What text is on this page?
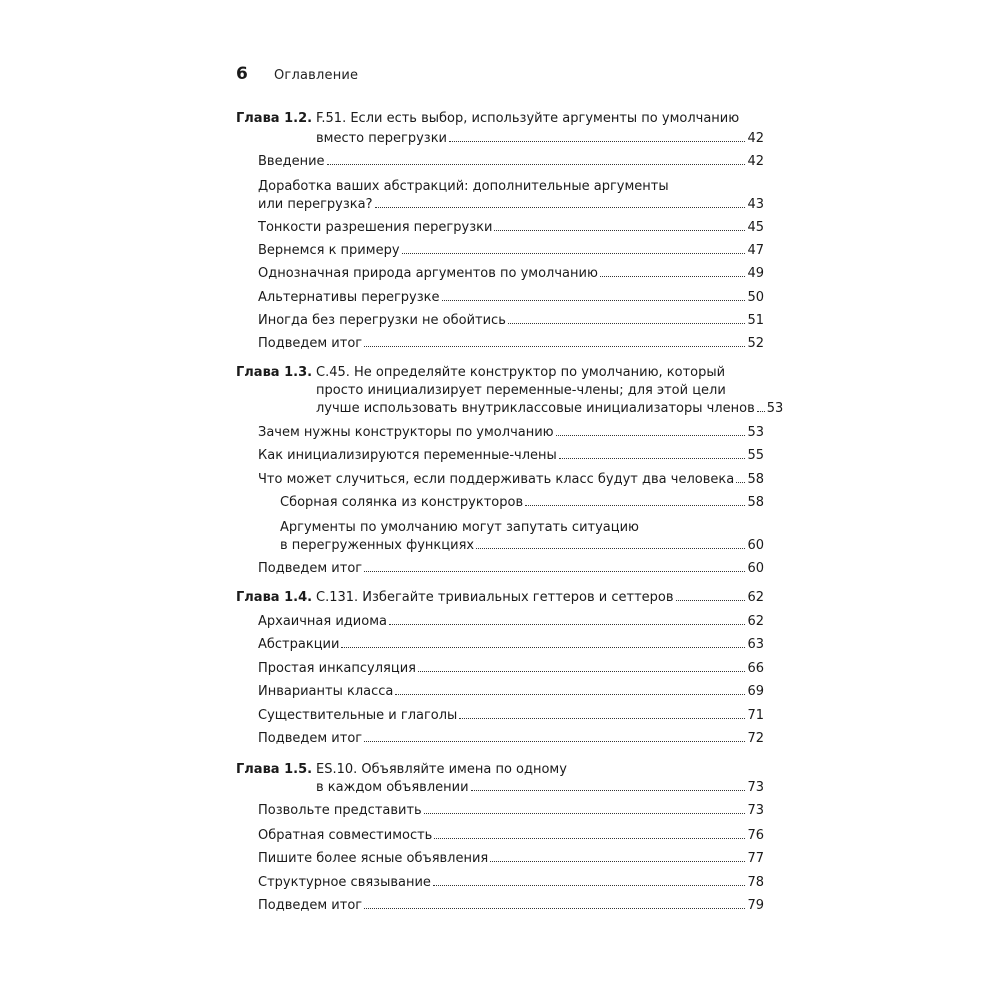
6	Оглавление
Глава 1.2. F.51. Если есть выбор, используйте аргументы по умолчанию
вместо перегрузки	42
Введение	42
Доработка ваших абстракций: дополнительные аргументы
или перегрузка?	43
Тонкости разрешения перегрузки	45
Вернемся к примеру	47
Однозначная природа аргументов по умолчанию	49
Альтернативы перегрузке	50
Иногда без перегрузки не обойтись	51
Подведем итог	52
Глава 1.3. C.45. Не определяйте конструктор по умолчанию, который
просто инициализирует переменные-члены; для этой цели
лучше использовать внутриклассовые инициализаторы членов 53
Зачем нужны конструкторы по умолчанию	53
Как инициализируются переменные-члены	55
Что может случиться, если поддерживать класс будут два человека 58
Сборная солянка из конструкторов	58
Аргументы по умолчанию могут запутать ситуацию
в перегруженных функциях	60
Подведем итог	60
Глава 1.4. C.131. Избегайте тривиальных геттеров и сеттеров	62
Архаичная идиома	62
Абстракции	63
Простая инкапсуляция	66
Инварианты класса	69
Существительные и глаголы	71
Подведем итог	72
Глава 1.5. ES.10. Объявляйте имена по одному
в каждом объявлении	73
Позвольте представить	73
Обратная совместимость	76
Пишите более ясные объявления	77
Структурное связывание	78
Подведем итог	79
